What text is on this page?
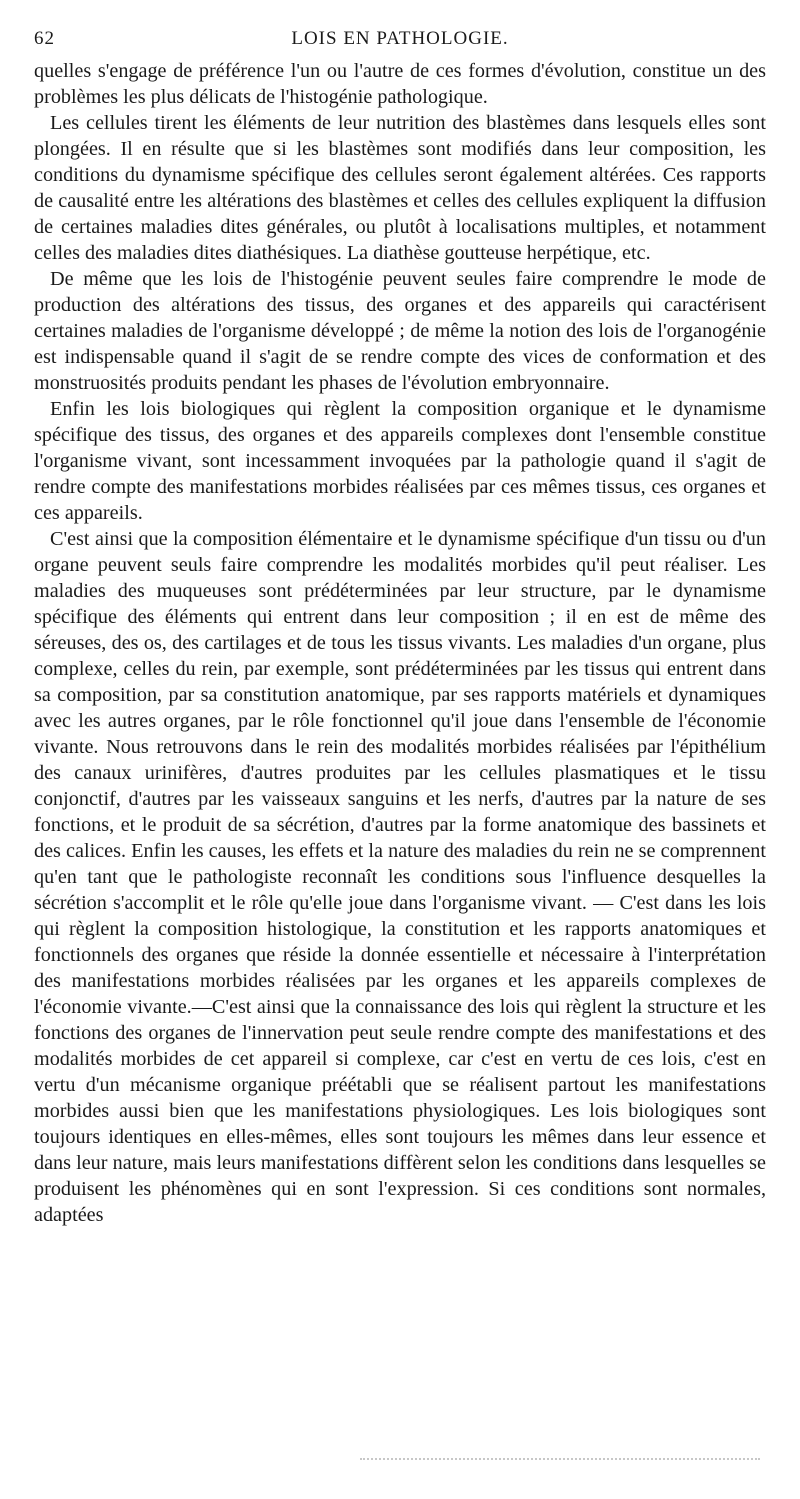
62	LOIS EN PATHOLOGIE.

quelles s'engage de préférence l'un ou l'autre de ces formes d'évolution, constitue un des problèmes les plus délicats de l'histogénie pathologique.

Les cellules tirent les éléments de leur nutrition des blastèmes dans lesquels elles sont plongées. Il en résulte que si les blastèmes sont modifiés dans leur composition, les conditions du dynamisme spécifique des cellules seront également altérées. Ces rapports de causalité entre les altérations des blastèmes et celles des cellules expliquent la diffusion de certaines maladies dites générales, ou plutôt à localisations multiples, et notamment celles des maladies dites diathésiques. La diathèse goutteuse herpétique, etc.

De même que les lois de l'histogénie peuvent seules faire comprendre le mode de production des altérations des tissus, des organes et des appareils qui caractérisent certaines maladies de l'organisme développé ; de même la notion des lois de l'organogénie est indispensable quand il s'agit de se rendre compte des vices de conformation et des monstruosités produits pendant les phases de l'évolution embryonnaire.

Enfin les lois biologiques qui règlent la composition organique et le dynamisme spécifique des tissus, des organes et des appareils complexes dont l'ensemble constitue l'organisme vivant, sont incessamment invoquées par la pathologie quand il s'agit de rendre compte des manifestations morbides réalisées par ces mêmes tissus, ces organes et ces appareils.

C'est ainsi que la composition élémentaire et le dynamisme spécifique d'un tissu ou d'un organe peuvent seuls faire comprendre les modalités morbides qu'il peut réaliser. Les maladies des muqueuses sont prédéterminées par leur structure, par le dynamisme spécifique des éléments qui entrent dans leur composition ; il en est de même des séreuses, des os, des cartilages et de tous les tissus vivants. Les maladies d'un organe, plus complexe, celles du rein, par exemple, sont prédéterminées par les tissus qui entrent dans sa composition, par sa constitution anatomique, par ses rapports matériels et dynamiques avec les autres organes, par le rôle fonctionnel qu'il joue dans l'ensemble de l'économie vivante. Nous retrouvons dans le rein des modalités morbides réalisées par l'épithélium des canaux urinifères, d'autres produites par les cellules plasmatiques et le tissu conjonctif, d'autres par les vaisseaux sanguins et les nerfs, d'autres par la nature de ses fonctions, et le produit de sa sécrétion, d'autres par la forme anatomique des bassinets et des calices. Enfin les causes, les effets et la nature des maladies du rein ne se comprennent qu'en tant que le pathologiste reconnaît les conditions sous l'influence desquelles la sécrétion s'accomplit et le rôle qu'elle joue dans l'organisme vivant. — C'est dans les lois qui règlent la composition histologique, la constitution et les rapports anatomiques et fonctionnels des organes que réside la donnée essentielle et nécessaire à l'interprétation des manifestations morbides réalisées par les organes et les appareils complexes de l'économie vivante.—C'est ainsi que la connaissance des lois qui règlent la structure et les fonctions des organes de l'innervation peut seule rendre compte des manifestations et des modalités morbides de cet appareil si complexe, car c'est en vertu de ces lois, c'est en vertu d'un mécanisme organique préétabli que se réalisent partout les manifestations morbides aussi bien que les manifestations physiologiques. Les lois biologiques sont toujours identiques en elles-mêmes, elles sont toujours les mêmes dans leur essence et dans leur nature, mais leurs manifestations diffèrent selon les conditions dans lesquelles se produisent les phénomènes qui en sont l'expression. Si ces conditions sont normales, adaptées
